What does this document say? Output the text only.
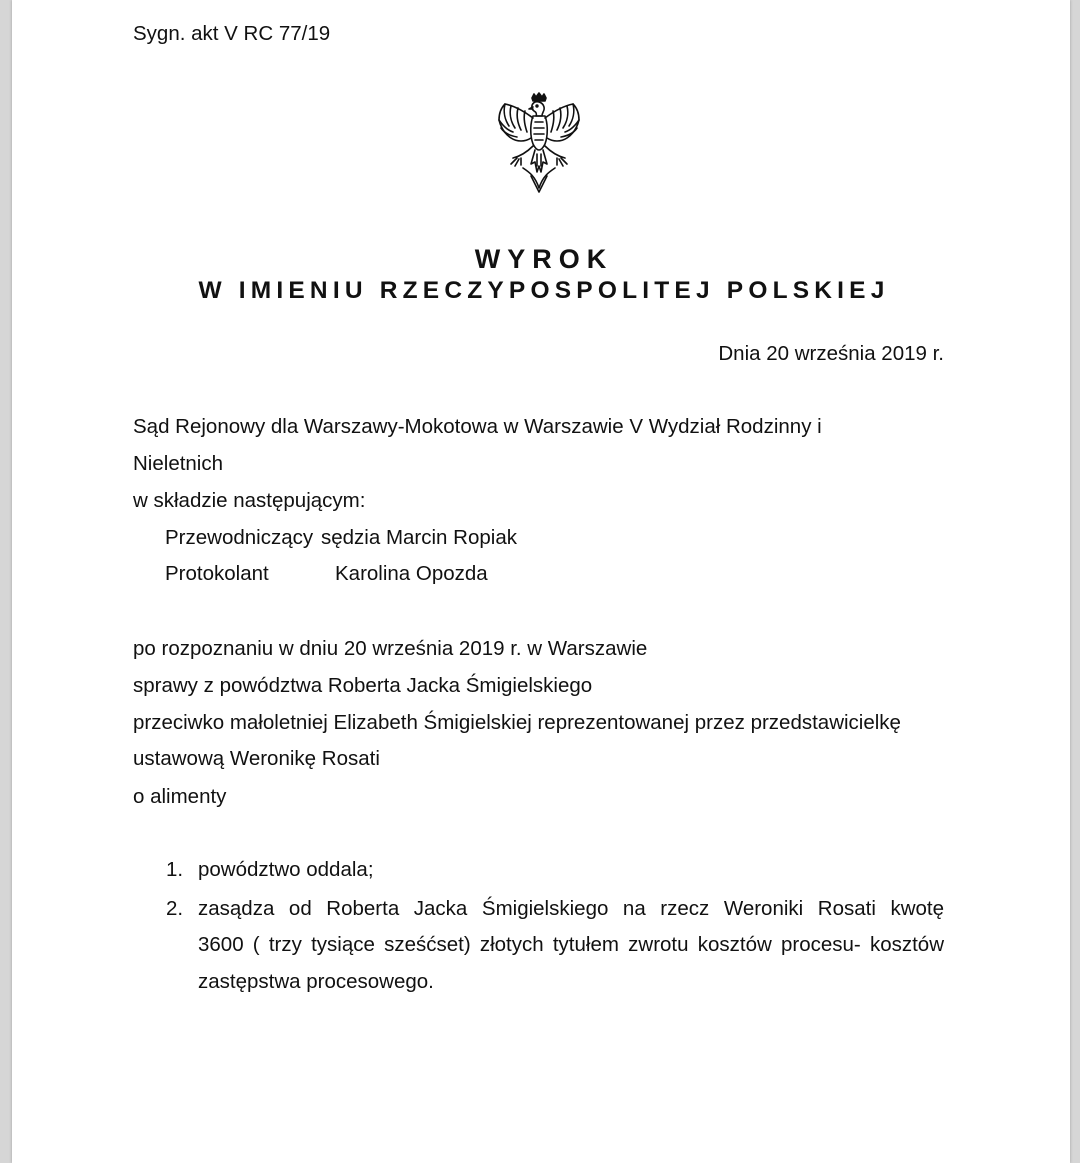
Sygn. akt V RC 77/19
WYROK
W IMIENIU RZECZYPOSPOLITEJ POLSKIEJ
Dnia 20 września 2019 r.
Sąd Rejonowy dla Warszawy-Mokotowa w Warszawie V Wydział Rodzinny i
Nieletnich
w składzie następującym:
Przewodniczący sędzia Marcin Ropiak
Protokolant	Karolina Opozda
po rozpoznaniu w dniu 20 września 2019 r. w Warszawie
sprawy z powództwa Roberta Jacka Śmigielskiego
przeciwko małoletniej Elizabeth Śmigielskiej reprezentowanej przez przedstawicielkę
ustawową Weronikę Rosati
o alimenty
1. powództwo oddala;
2. zasądza od Roberta Jacka Śmigielskiego na rzecz Weroniki Rosati kwotę
3600 ( trzy tysiące sześćset) złotych tytułem zwrotu kosztów procesu- kosztów
zastępstwa procesowego.
